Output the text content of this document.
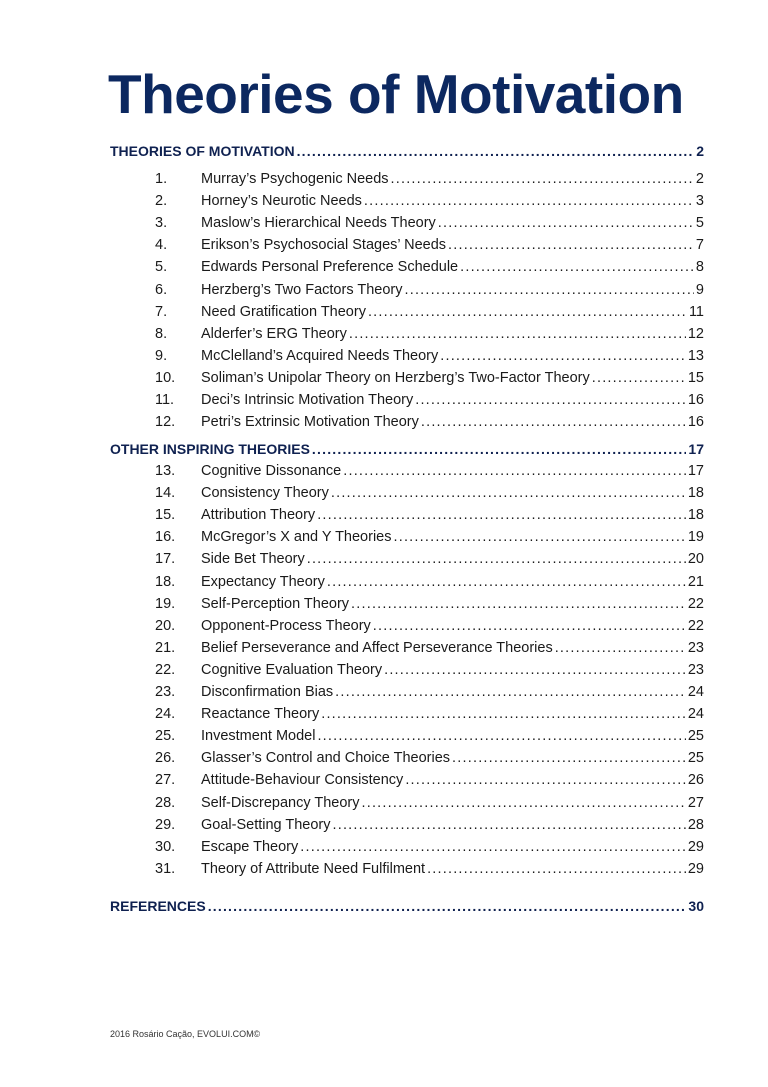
Theories of Motivation
THEORIES OF MOTIVATION .....	2
1.	Murray’s Psychogenic Needs .....	2
2.	Horney’s Neurotic Needs .....	3
3.	Maslow’s Hierarchical Needs Theory .....	5
4.	Erikson’s Psychosocial Stages’ Needs .....	7
5.	Edwards Personal Preference Schedule .....	8
6.	Herzberg’s Two Factors Theory .....	9
7.	Need Gratification Theory .....	11
8.	Alderfer’s ERG Theory .....	12
9.	McClelland’s Acquired Needs Theory .....	13
10.	Soliman’s Unipolar Theory on Herzberg’s Two-Factor Theory .....	15
11.	Deci’s Intrinsic Motivation Theory .....	16
12.	Petri’s Extrinsic Motivation Theory .....	16
OTHER INSPIRING THEORIES .....	17
13.	Cognitive Dissonance .....	17
14.	Consistency Theory .....	18
15.	Attribution Theory .....	18
16.	McGregor’s X and Y Theories .....	19
17.	Side Bet Theory .....	20
18.	Expectancy Theory .....	21
19.	Self-Perception Theory .....	22
20.	Opponent-Process Theory .....	22
21.	Belief Perseverance and Affect Perseverance Theories .....	23
22.	Cognitive Evaluation Theory .....	23
23.	Disconfirmation Bias .....	24
24.	Reactance Theory .....	24
25.	Investment Model .....	25
26.	Glasser’s Control and Choice Theories .....	25
27.	Attitude-Behaviour Consistency .....	26
28.	Self-Discrepancy Theory .....	27
29.	Goal-Setting Theory .....	28
30.	Escape Theory .....	29
31.	Theory of Attribute Need Fulfilment .....	29
REFERENCES .....	30
2016 Rosário Cação, EVOLUI.COM©
